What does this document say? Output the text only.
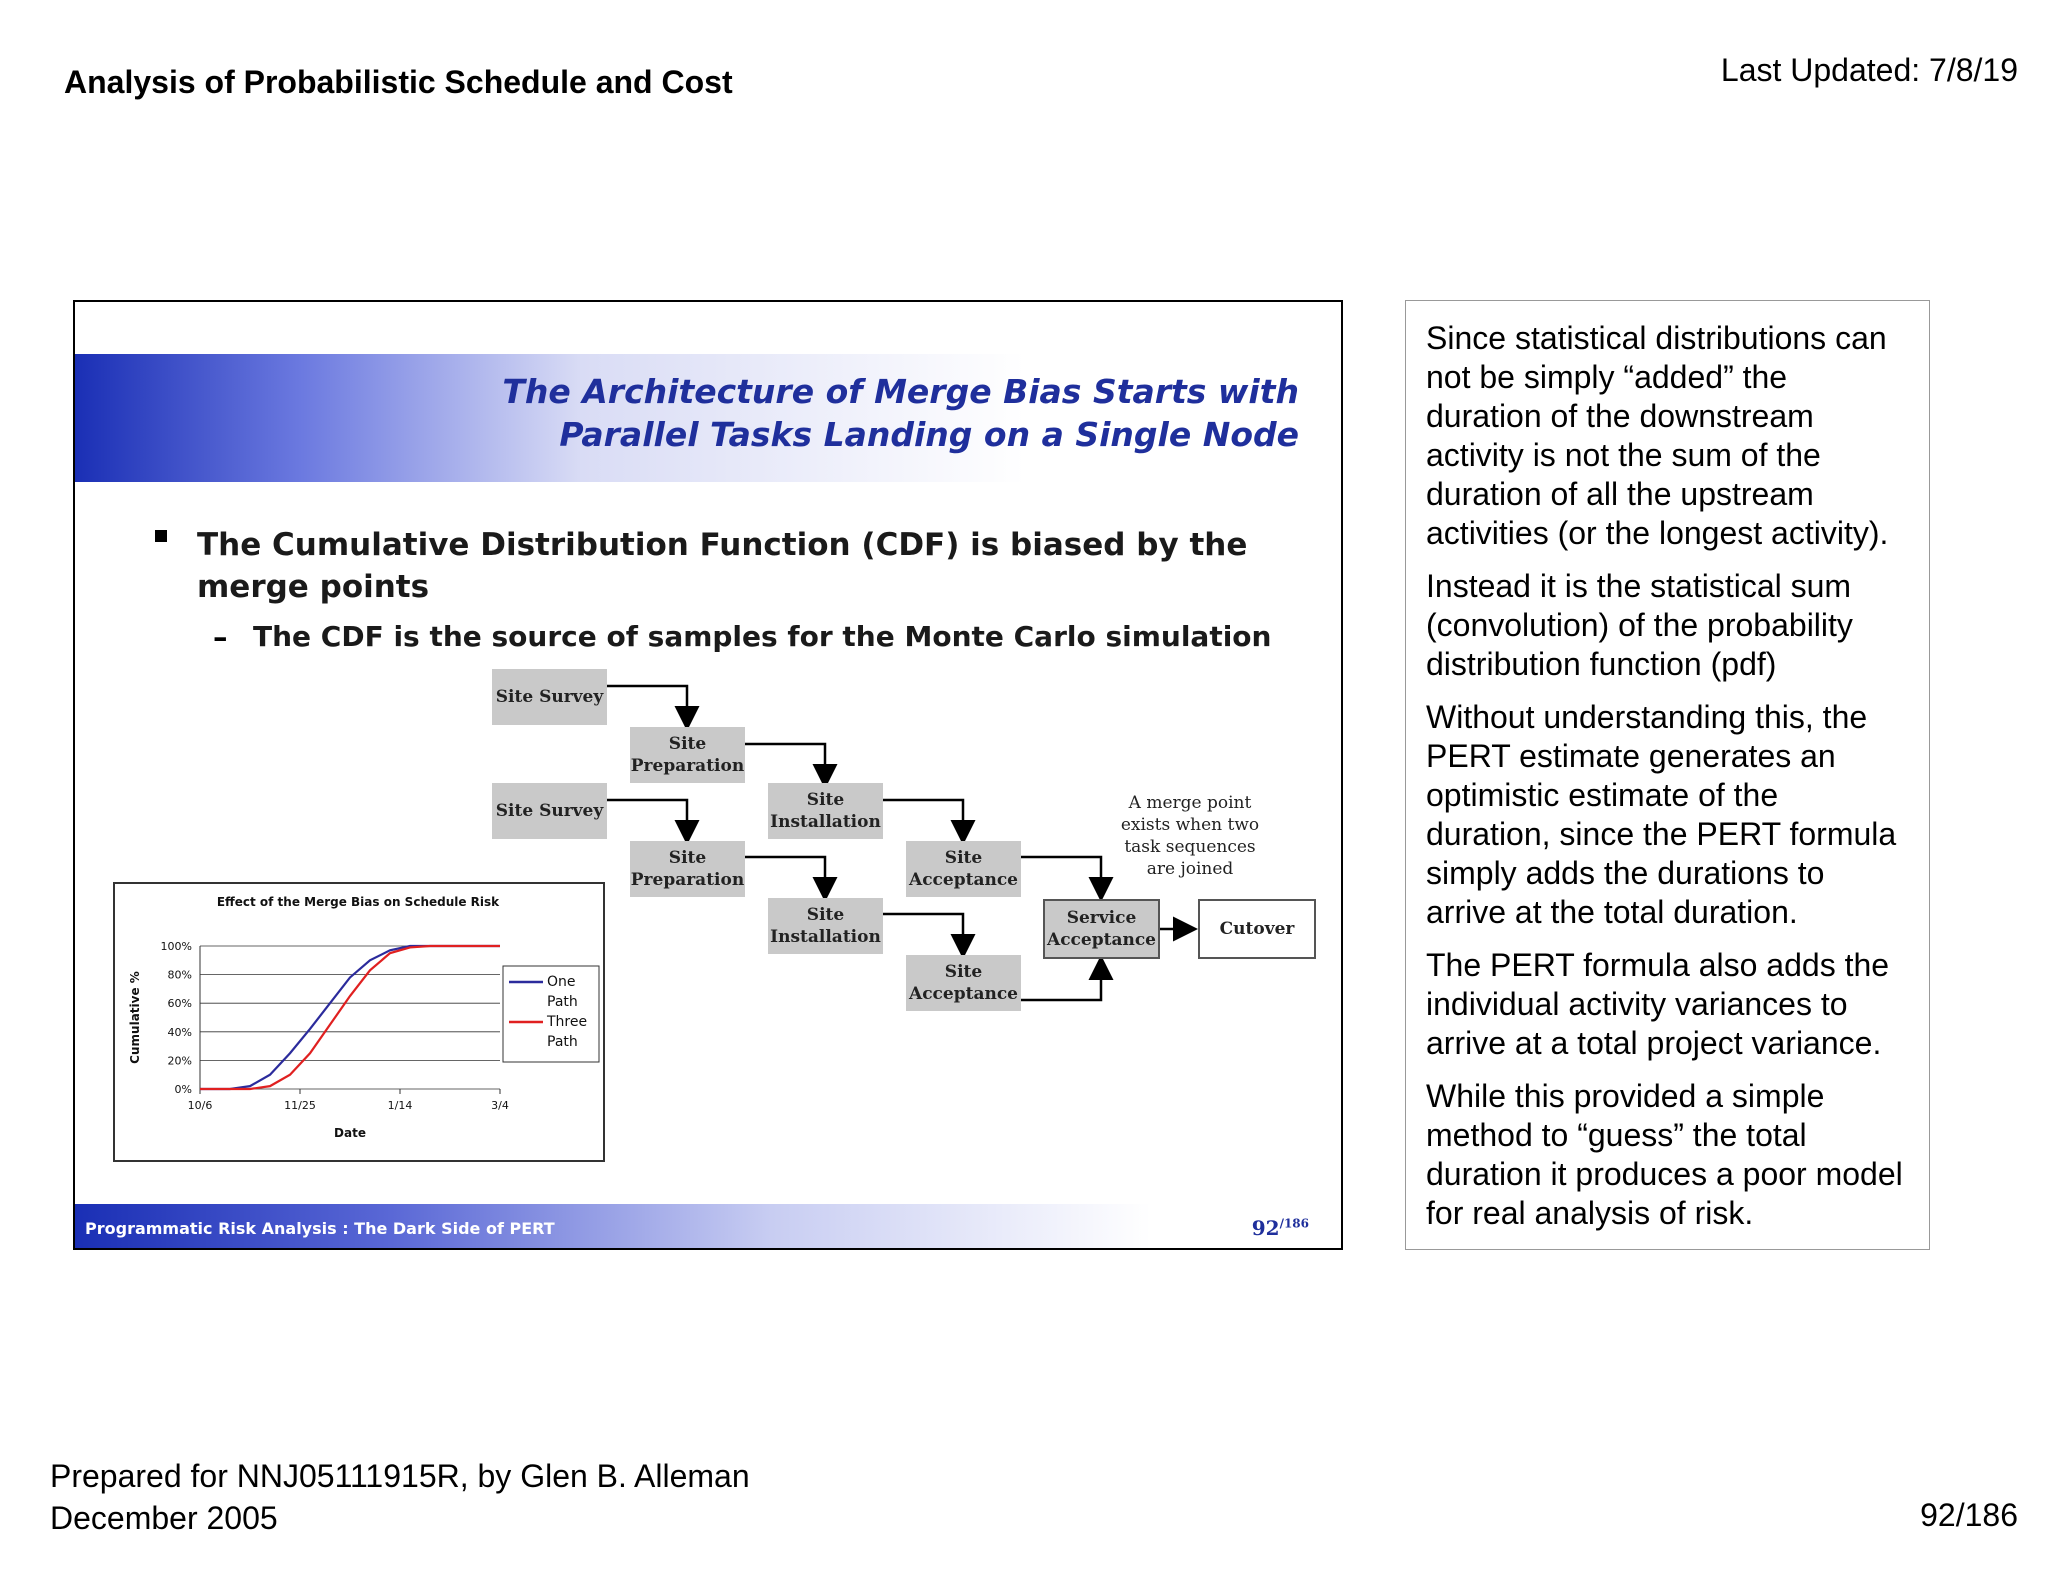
Analysis of Probabilistic Schedule and Cost	Last Updated: 7/8/19
The Architecture of Merge Bias Starts with
Parallel Tasks Landing on a Single Node
The Cumulative Distribution Function (CDF) is biased by the merge points
– The CDF is the source of samples for the Monte Carlo simulation
Site Survey
Site Preparation
Site Survey
Site Installation
Site Preparation
Site Acceptance
Site Installation
Service Acceptance
Cutover
Site Acceptance
A merge point exists when two task sequences are joined
Effect of the Merge Bias on Schedule Risk
0%
20%
40%
60%
80%
100%
10/6	11/25	1/14	3/4
Date
Cumulative %	One Path
Three Path
Programmatic Risk Analysis : The Dark Side of PERT	$92^{/186}$

Since statistical distributions can not be simply “added” the duration of the downstream activity is not the sum of the duration of all the upstream activities (or the longest activity).

Instead it is the statistical sum (convolution) of the probability distribution function (pdf)

Without understanding this, the PERT estimate generates an optimistic estimate of the duration, since the PERT formula simply adds the durations to arrive at the total duration.

The PERT formula also adds the individual activity variances to arrive at a total project variance.

While this provided a simple method to “guess” the total duration it produces a poor model for real analysis of risk.

Prepared for NNJ05111915R, by Glen B. Alleman
December 2005	92/186
